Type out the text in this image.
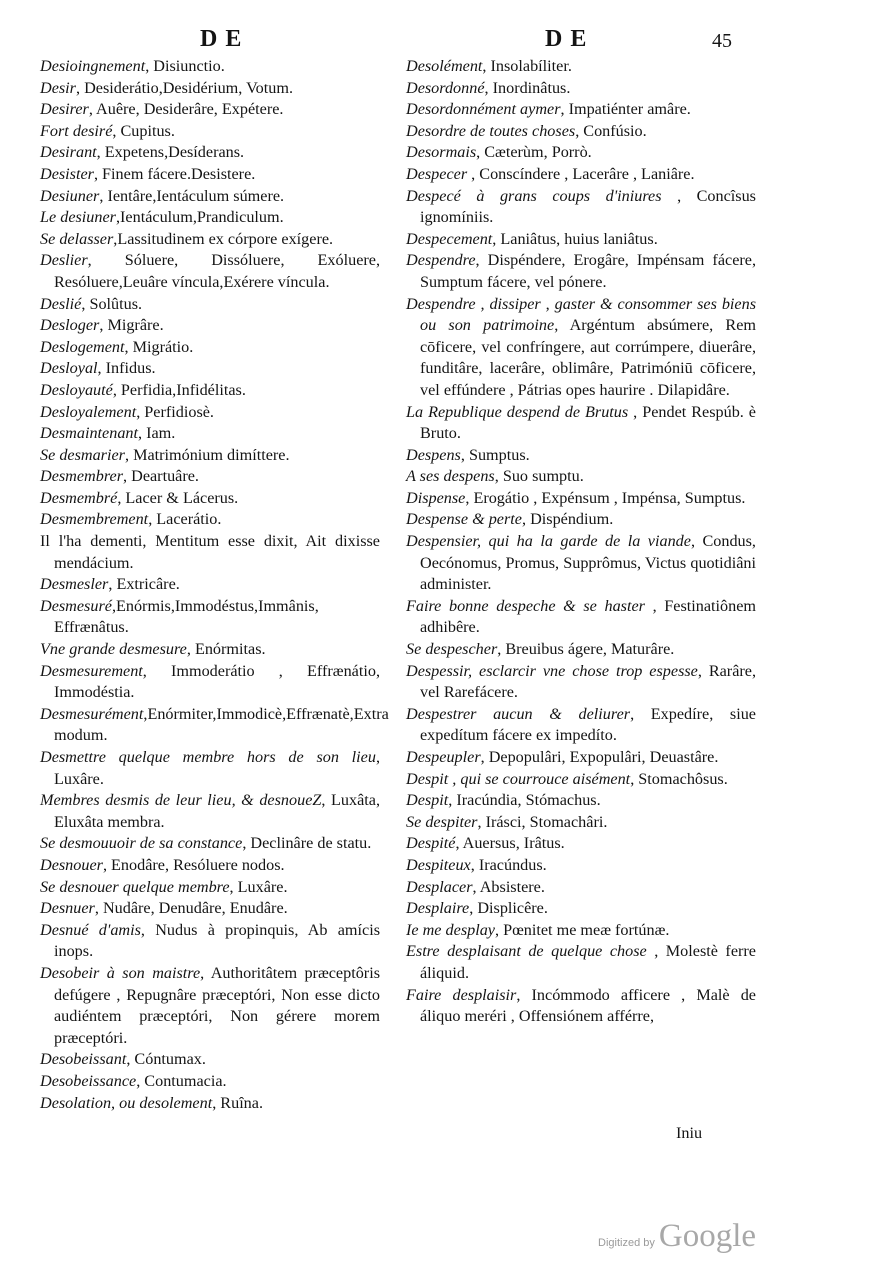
DE	DE	45

Desioingnement, Disiunctio.

Desir, Desiderátio,Desidérium, Votum.

Desirer, Auêre, Desiderâre, Expétere.

Fort desiré, Cupitus.

Desirant, Expetens,Desíderans.

Desister, Finem fácere.Desistere.

Desiuner, Ientâre,Ientáculum súmere.

Le desiuner,Ientáculum,Prandiculum.

Se delasser,Lassitudinem ex córpore exígere.

Deslier, Sóluere, Dissóluere, Exóluere, Resóluere,Leuâre víncula,Exérere víncula.

Deslié, Solûtus.

Desloger, Migrâre.

Deslogement, Migrátio.

Desloyal, Infidus.

Desloyauté, Perfidia,Infidélitas.

Desloyalement, Perfidiosè.

Desmaintenant, Iam.

Se desmarier, Matrimónium dimíttere.

Desmembrer, Deartuâre.

Desmembré, Lacer & Lácerus.

Desmembrement, Lacerátio.

Il l'ha dementi, Mentitum esse dixit, Ait dixisse mendácium.

Desmesler, Extricâre.

Desmesuré,Enórmis,Immodéstus,Immânis, Effrænâtus.

Vne grande desmesure, Enórmitas.

Desmesurement, Immoderátio , Effrænátio, Immodéstia.

Desmesurément,Enórmiter,Immodicè,Effrænatè,Extra modum.

Desmettre quelque membre hors de son lieu, Luxâre.

Membres desmis de leur lieu, & desnoueZ, Luxâta, Eluxâta membra.

Se desmouuoir de sa constance, Declinâre de statu.

Desnouer, Enodâre, Resóluere nodos.

Se desnouer quelque membre, Luxâre.

Desnuer, Nudâre, Denudâre, Enudâre.

Desnué d'amis, Nudus à propinquis, Ab amícis inops.

Desobeir à son maistre, Authoritâtem præceptôris defúgere , Repugnâre præceptóri, Non esse dicto audiéntem præceptóri, Non gérere morem præceptóri.

Desobeissant, Cóntumax.

Desobeissance, Contumacia.

Desolation, ou desolement, Ruîna.

Desolément, Insolabíliter.

Desordonné, Inordinâtus.

Desordonnément aymer, Impatiénter amâre.

Desordre de toutes choses, Confúsio.

Desormais, Cæterùm, Porrò.

Despecer , Conscíndere , Lacerâre , Laniâre.

Despecé à grans coups d'iniures , Concîsus ignomíniis.

Despecement, Laniâtus, huius laniâtus.

Despendre, Dispéndere, Erogâre, Impénsam fácere, Sumptum fácere, vel pónere.

Despendre , dissiper , gaster & consommer ses biens ou son patrimoine, Argéntum absúmere, Rem cōficere, vel confríngere, aut corrúmpere, diuerâre, funditâre, lacerâre, oblimâre, Patrimóniū cōficere, vel effúndere , Pátrias opes haurire . Dilapidâre.

La Republique despend de Brutus , Pendet Respúb. è Bruto.

Despens, Sumptus.

A ses despens, Suo sumptu.

Dispense, Erogátio , Expénsum , Impénsa, Sumptus.

Despense & perte, Dispéndium.

Despensier, qui ha la garde de la viande, Condus, Oecónomus, Promus, Supprômus, Victus quotidiâni administer.

Faire bonne despeche & se haster , Festinatiônem adhibêre.

Se despescher, Breuibus ágere, Maturâre.

Despessir, esclarcir vne chose trop espesse, Rarâre, vel Rarefácere.

Despestrer aucun & deliurer, Expedíre, siue expedítum fácere ex impedíto.

Despeupler, Depopulâri, Expopulâri, Deuastâre.

Despit , qui se courrouce aisément, Stomachôsus.

Despit, Iracúndia, Stómachus.

Se despiter, Irásci, Stomachâri.

Despité, Auersus, Irâtus.

Despiteux, Iracúndus.

Desplacer, Absistere.

Desplaire, Displicêre.

Ie me desplay, Pœnitet me meæ fortúnæ.

Estre desplaisant de quelque chose , Molestè ferre áliquid.

Faire desplaisir, Incómmodo afficere , Malè de áliquo meréri , Offensiónem afférre,

Iniu
Digitized by Google
